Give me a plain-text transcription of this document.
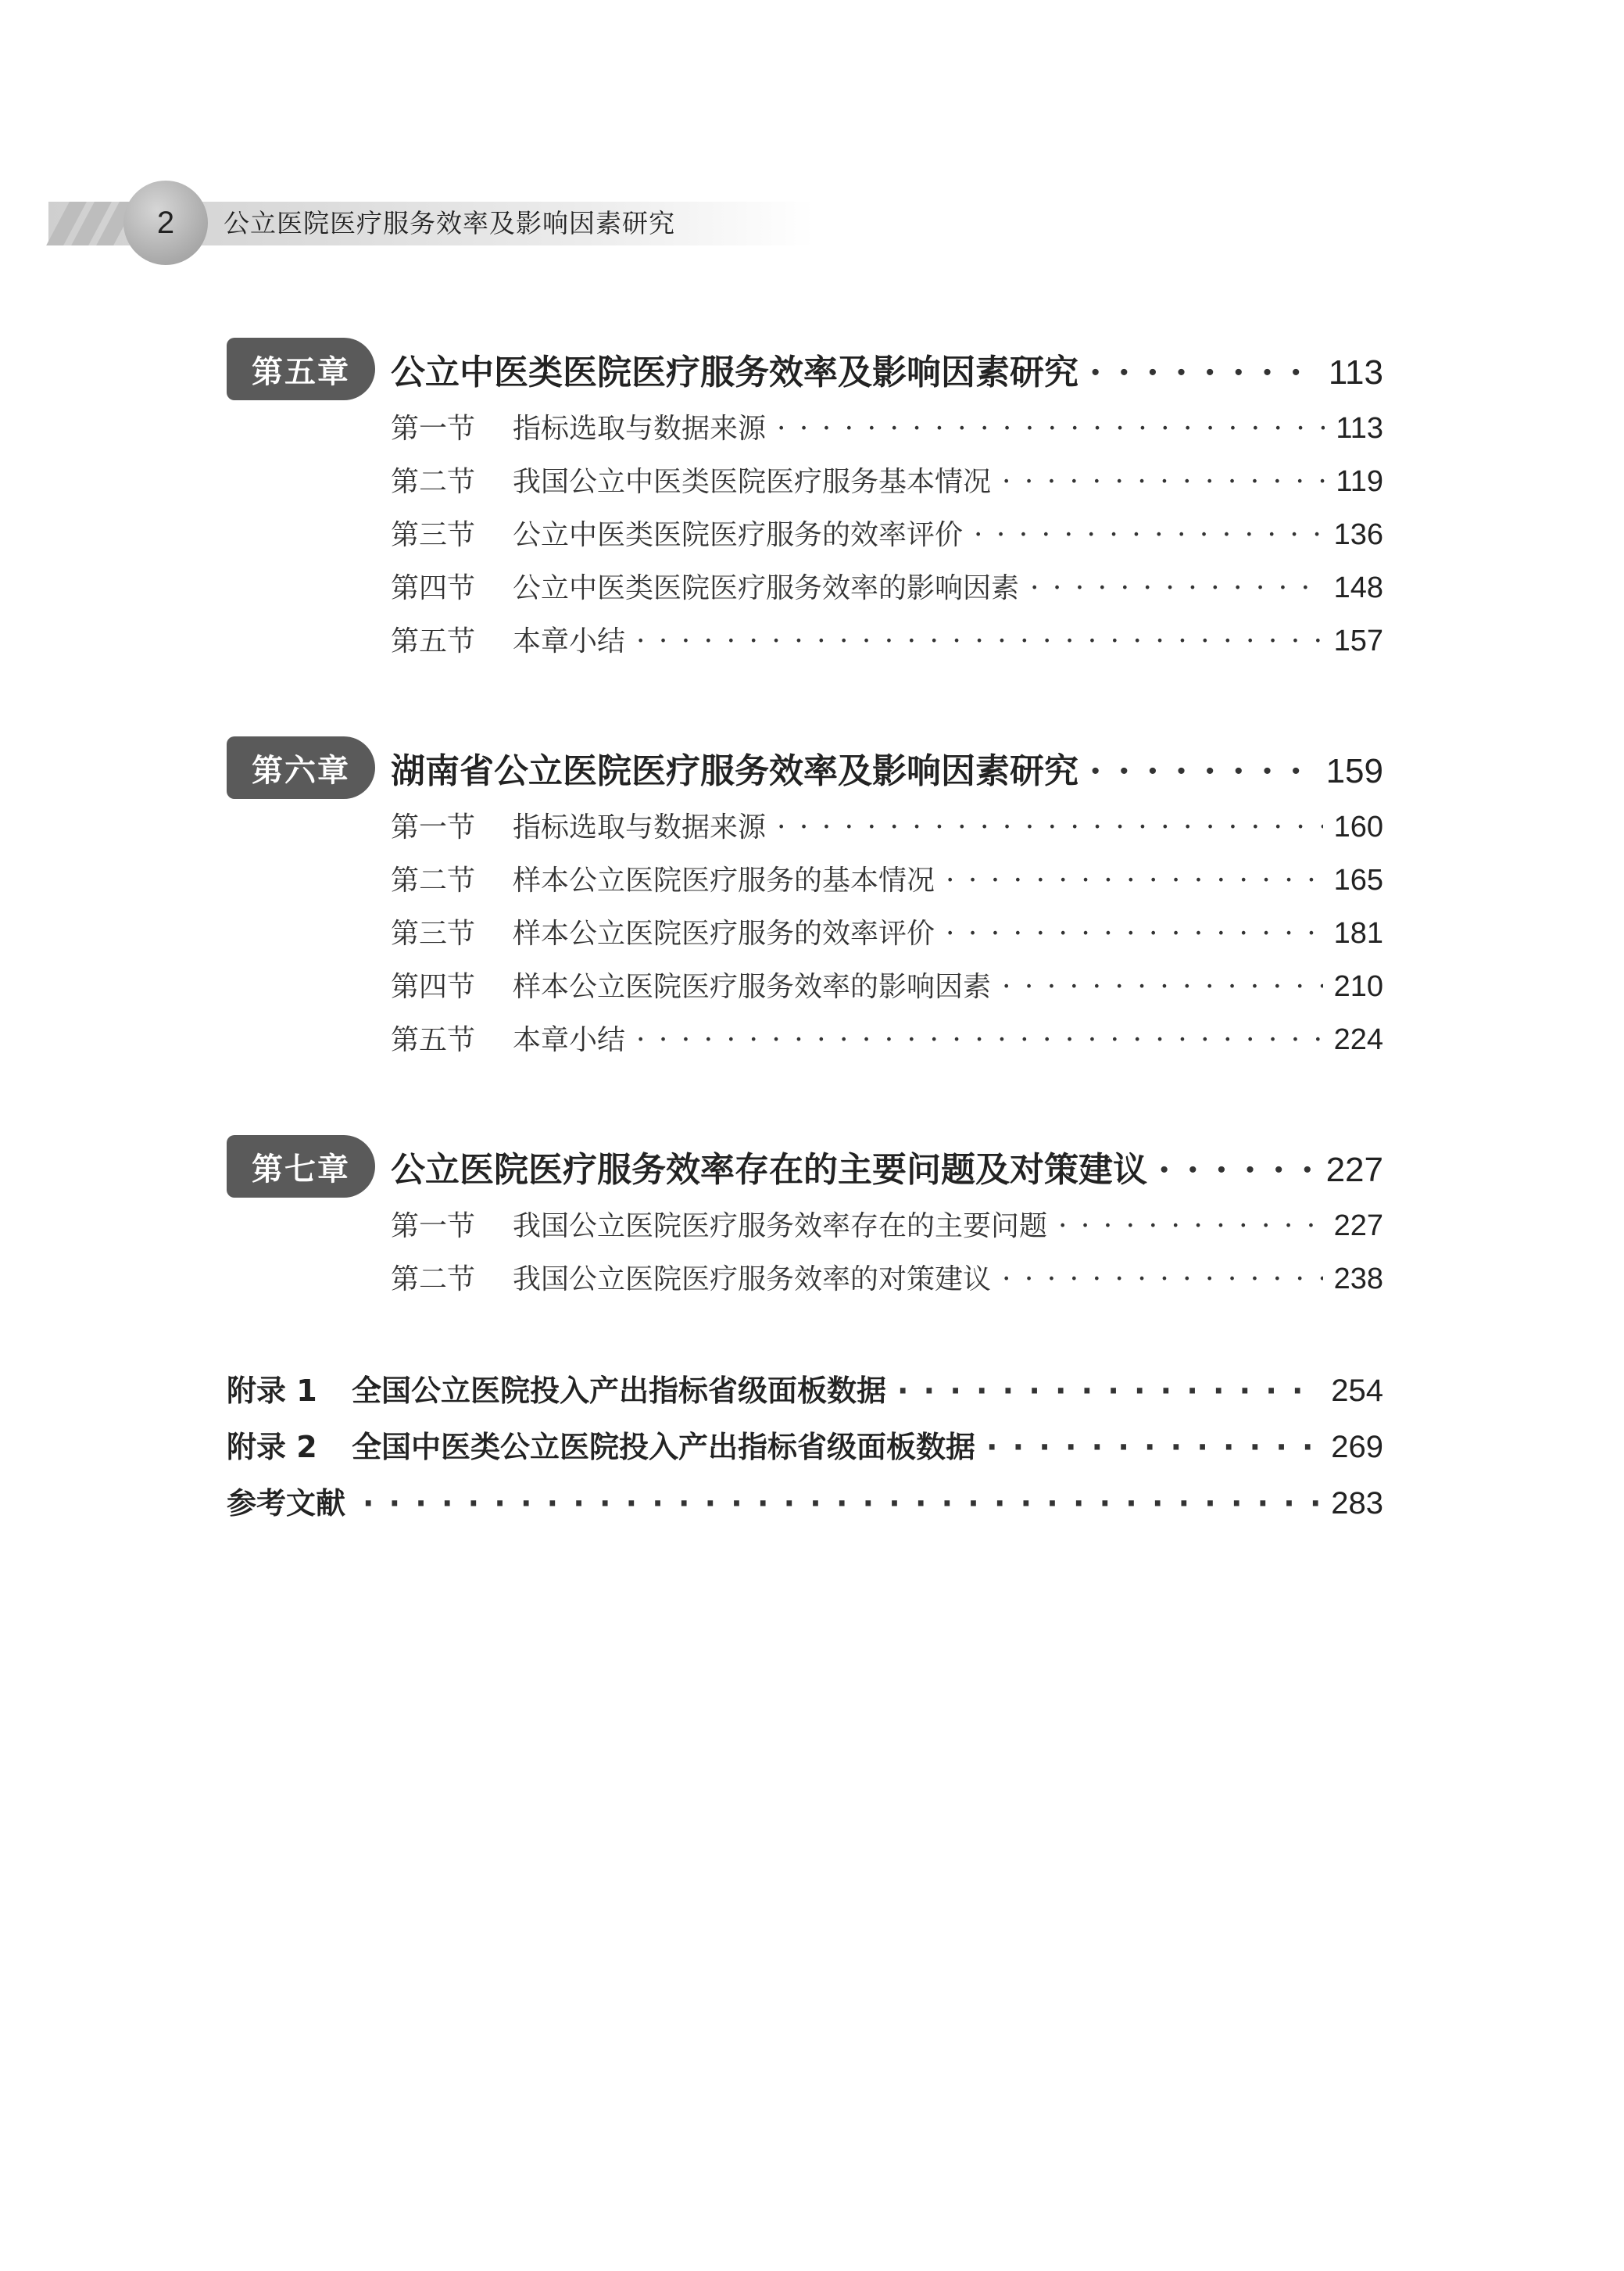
2	公立医院医疗服务效率及影响因素研究
第五章	公立中医类医院医疗服务效率及影响因素研究 · · ·	113
第一节	指标选取与数据来源 · · ·	113
第二节	我国公立中医类医院医疗服务基本情况 · · ·	119
第三节	公立中医类医院医疗服务的效率评价 · · ·	136
第四节	公立中医类医院医疗服务效率的影响因素 · · ·	148
第五节	本章小结 · · ·	157
第六章	湖南省公立医院医疗服务效率及影响因素研究 · · ·	159
第一节	指标选取与数据来源 · · ·	160
第二节	样本公立医院医疗服务的基本情况 · · ·	165
第三节	样本公立医院医疗服务的效率评价 · · ·	181
第四节	样本公立医院医疗服务效率的影响因素 · · ·	210
第五节	本章小结 · · ·	224
第七章	公立医院医疗服务效率存在的主要问题及对策建议 · · ·	227
第一节	我国公立医院医疗服务效率存在的主要问题 · · ·	227
第二节	我国公立医院医疗服务效率的对策建议 · · ·	238
附录 1	全国公立医院投入产出指标省级面板数据 · · ·	254
附录 2	全国中医类公立医院投入产出指标省级面板数据 · · ·	269
参考文献 · · ·	283
